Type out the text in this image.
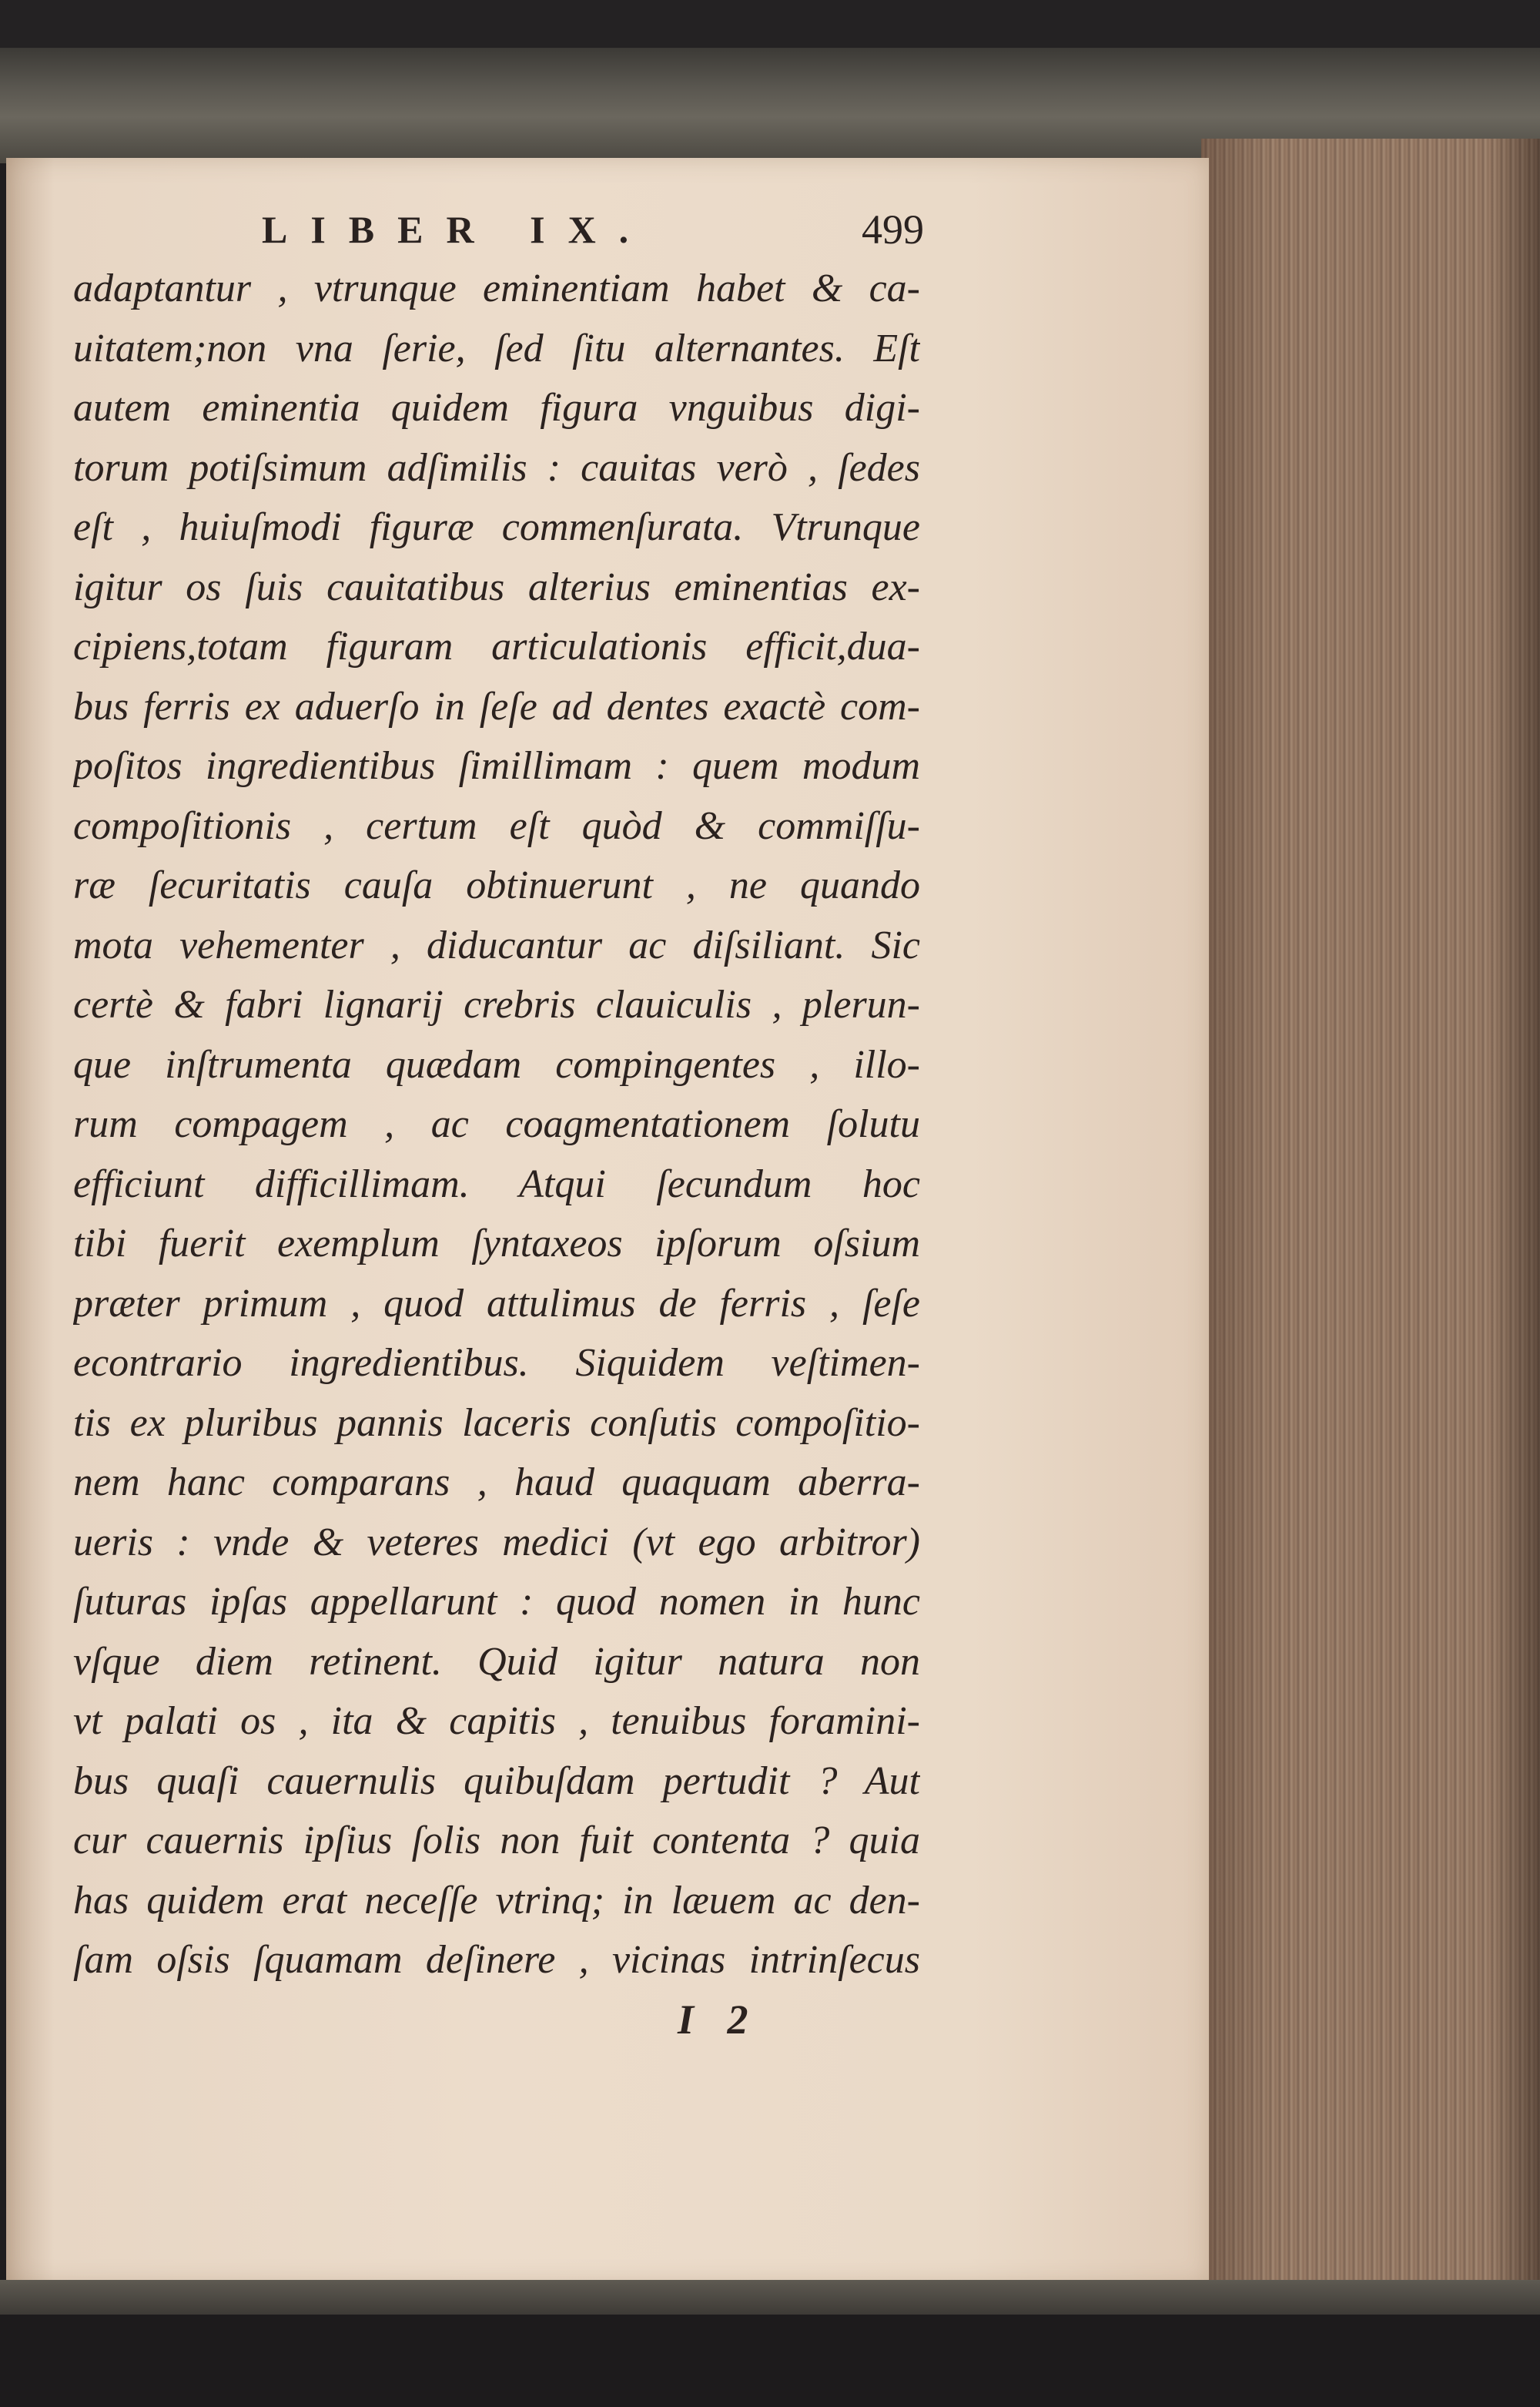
LIBER IX.	499
adaptantur , vtrunque eminentiam habet & ca-
uitatem;non vna ſerie, ſed ſitu alternantes. Eſt
autem eminentia quidem figura vnguibus digi-
torum potiſsimum adſimilis : cauitas verò , ſedes
eſt , huiuſmodi figuræ commenſurata. Vtrunque
igitur os ſuis cauitatibus alterius eminentias ex-
cipiens,totam figuram articulationis efficit,dua-
bus ferris ex aduerſo in ſeſe ad dentes exactè com-
poſitos ingredientibus ſimillimam : quem modum
compoſitionis , certum eſt quòd & commiſſu-
ræ ſecuritatis cauſa obtinuerunt , ne quando
mota vehementer , diducantur ac diſsiliant. Sic
certè & fabri lignarij crebris clauiculis , plerun-
que inſtrumenta quædam compingentes , illo-
rum compagem , ac coagmentationem ſolutu
efficiunt difficillimam. Atqui ſecundum hoc
tibi fuerit exemplum ſyntaxeos ipſorum oſsium
præter primum , quod attulimus de ferris , ſeſe
econtrario ingredientibus. Siquidem veſtimen-
tis ex pluribus pannis laceris conſutis compoſitio-
nem hanc comparans , haud quaquam aberra-
ueris : vnde & veteres medici (vt ego arbitror)
ſuturas ipſas appellarunt : quod nomen in hunc
vſque diem retinent. Quid igitur natura non
vt palati os , ita & capitis , tenuibus foramini-
bus quaſi cauernulis quibuſdam pertudit ? Aut
cur cauernis ipſius ſolis non fuit contenta ? quia
has quidem erat neceſſe vtrinq; in læuem ac den-
ſam oſsis ſquamam deſinere , vicinas intrinſecus
I 2
